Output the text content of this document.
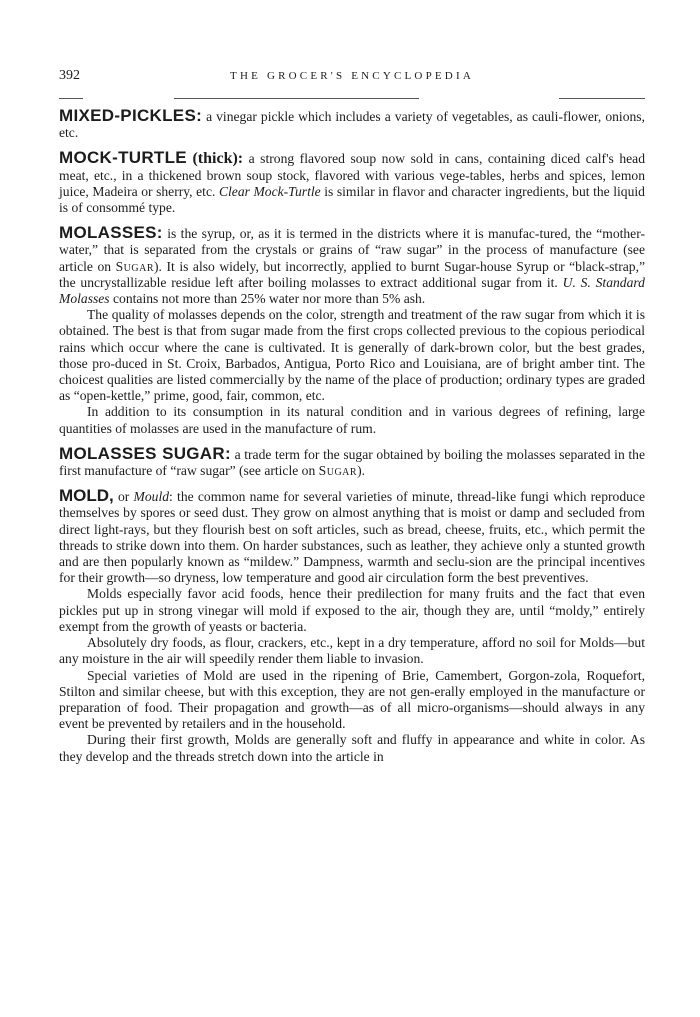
392	THE GROCER'S ENCYCLOPEDIA

MIXED-PICKLES: a vinegar pickle which includes a variety of vegetables, as cauli-flower, onions, etc.

MOCK-TURTLE (thick): a strong flavored soup now sold in cans, containing diced calf's head meat, etc., in a thickened brown soup stock, flavored with various vege-tables, herbs and spices, lemon juice, Madeira or sherry, etc. Clear Mock-Turtle is similar in flavor and character ingredients, but the liquid is of consommé type.

MOLASSES: is the syrup, or, as it is termed in the districts where it is manufac-tured, the “mother-water,” that is separated from the crystals or grains of “raw sugar” in the process of manufacture (see article on Sugar). It is also widely, but incorrectly, applied to burnt Sugar-house Syrup or “black-strap,” the uncrystallizable residue left after boiling molasses to extract additional sugar from it. U. S. Standard Molasses contains not more than 25% water nor more than 5% ash.

The quality of molasses depends on the color, strength and treatment of the raw sugar from which it is obtained. The best is that from sugar made from the first crops collected previous to the copious periodical rains which occur where the cane is cultivated. It is generally of dark-brown color, but the best grades, those pro-duced in St. Croix, Barbados, Antigua, Porto Rico and Louisiana, are of bright amber tint. The choicest qualities are listed commercially by the name of the place of production; ordinary types are graded as “open-kettle,” prime, good, fair, common, etc.

In addition to its consumption in its natural condition and in various degrees of refining, large quantities of molasses are used in the manufacture of rum.

MOLASSES SUGAR: a trade term for the sugar obtained by boiling the molasses separated in the first manufacture of “raw sugar” (see article on Sugar).

MOLD, or Mould: the common name for several varieties of minute, thread-like fungi which reproduce themselves by spores or seed dust. They grow on almost anything that is moist or damp and secluded from direct light-rays, but they flourish best on soft articles, such as bread, cheese, fruits, etc., which permit the threads to strike down into them. On harder substances, such as leather, they achieve only a stunted growth and are then popularly known as “mildew.” Dampness, warmth and seclu-sion are the principal incentives for their growth—so dryness, low temperature and good air circulation form the best preventives.

Molds especially favor acid foods, hence their predilection for many fruits and the fact that even pickles put up in strong vinegar will mold if exposed to the air, though they are, until “moldy,” entirely exempt from the growth of yeasts or bacteria.

Absolutely dry foods, as flour, crackers, etc., kept in a dry temperature, afford no soil for Molds—but any moisture in the air will speedily render them liable to invasion.

Special varieties of Mold are used in the ripening of Brie, Camembert, Gorgon-zola, Roquefort, Stilton and similar cheese, but with this exception, they are not gen-erally employed in the manufacture or preparation of food. Their propagation and growth—as of all micro-organisms—should always in any event be prevented by retailers and in the household.

During their first growth, Molds are generally soft and fluffy in appearance and white in color. As they develop and the threads stretch down into the article in
